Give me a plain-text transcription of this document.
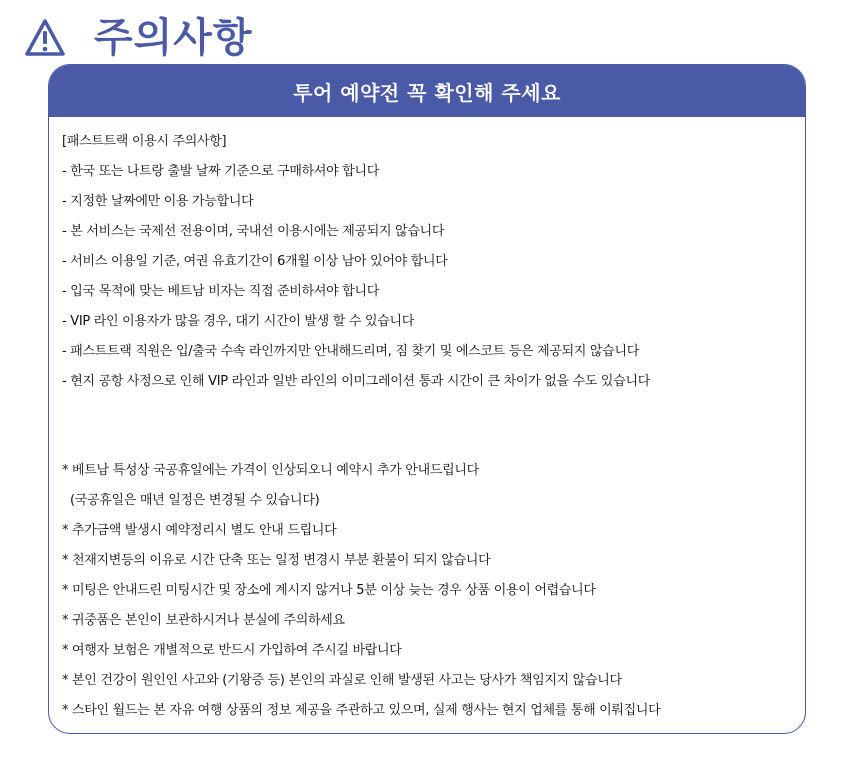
주의사항
투어 예약전 꼭 확인해 주세요
[패스트트랙 이용시 주의사항]
- 한국 또는 나트랑 출발 날짜 기준으로 구매하셔야 합니다
- 지정한 날짜에만 이용 가능합니다
- 본 서비스는 국제선 전용이며, 국내선 이용시에는 제공되지 않습니다
- 서비스 이용일 기준, 여권 유효기간이 6개월 이상 남아 있어야 합니다
- 입국 목적에 맞는 베트남 비자는 직접 준비하셔야 합니다
- VIP 라인 이용자가 많을 경우, 대기 시간이 발생 할 수 있습니다
- 패스트트랙 직원은 입/출국 수속 라인까지만 안내해드리며, 짐 찾기 및 에스코트 등은 제공되지 않습니다
- 현지 공항 사정으로 인해 VIP 라인과 일반 라인의 이미그레이션 통과 시간이 큰 차이가 없을 수도 있습니다
* 베트남 특성상 국공휴일에는 가격이 인상되오니 예약시 추가 안내드립니다
(국공휴일은 매년 일정은 변경될 수 있습니다)
* 추가금액 발생시 예약정리시 별도 안내 드립니다
* 천재지변등의 이유로 시간 단축 또는 일정 변경시 부분 환불이 되지 않습니다
* 미팅은 안내드린 미팅시간 및 장소에 계시지 않거나 5분 이상 늦는 경우 상품 이용이 어렵습니다
* 귀중품은 본인이 보관하시거나 분실에 주의하세요
* 여행자 보험은 개별적으로 반드시 가입하여 주시길 바랍니다
* 본인 건강이 원인인 사고와 (기왕증 등) 본인의 과실로 인해 발생된 사고는 당사가 책임지지 않습니다
* 스타인 월드는 본 자유 여행 상품의 정보 제공을 주관하고 있으며, 실제 행사는 현지 업체를 통해 이뤄집니다
